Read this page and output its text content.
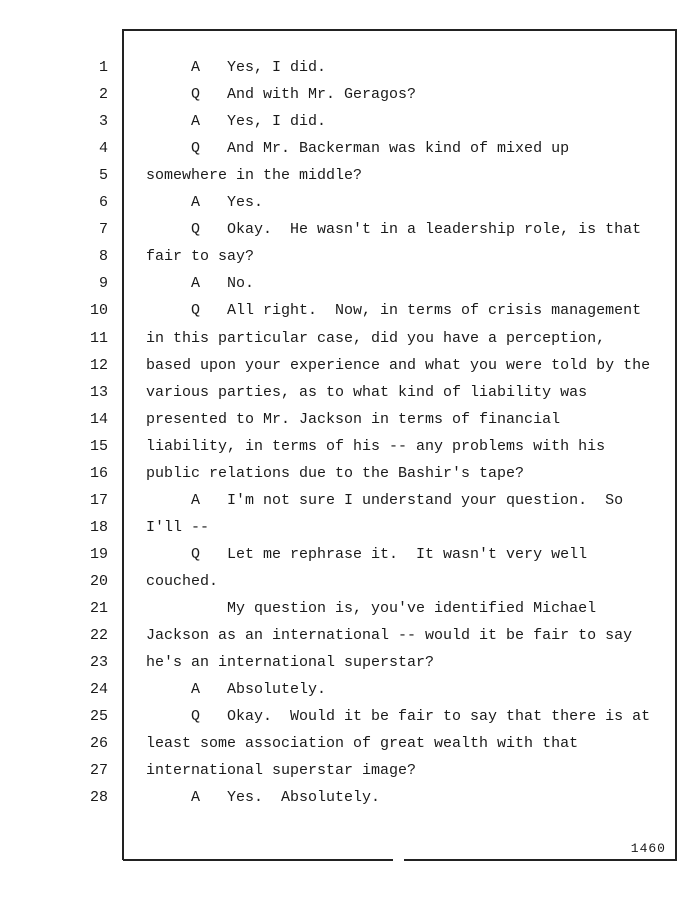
1	A   Yes, I did.
2	Q   And with Mr. Geragos?
3	A   Yes, I did.
4	Q   And Mr. Backerman was kind of mixed up
5	somewhere in the middle?
6	A   Yes.
7	Q   Okay.  He wasn't in a leadership role, is that
8	fair to say?
9	A   No.
10	Q   All right.  Now, in terms of crisis management
11	in this particular case, did you have a perception,
12	based upon your experience and what you were told by the
13	various parties, as to what kind of liability was
14	presented to Mr. Jackson in terms of financial
15	liability, in terms of his -- any problems with his
16	public relations due to the Bashir's tape?
17	A   I'm not sure I understand your question.  So
18	I'll --
19	Q   Let me rephrase it.  It wasn't very well
20	couched.
21	My question is, you've identified Michael
22	Jackson as an international -- would it be fair to say
23	he's an international superstar?
24	A   Absolutely.
25	Q   Okay.  Would it be fair to say that there is at
26	least some association of great wealth with that
27	international superstar image?
28	A   Yes.  Absolutely.
1460
